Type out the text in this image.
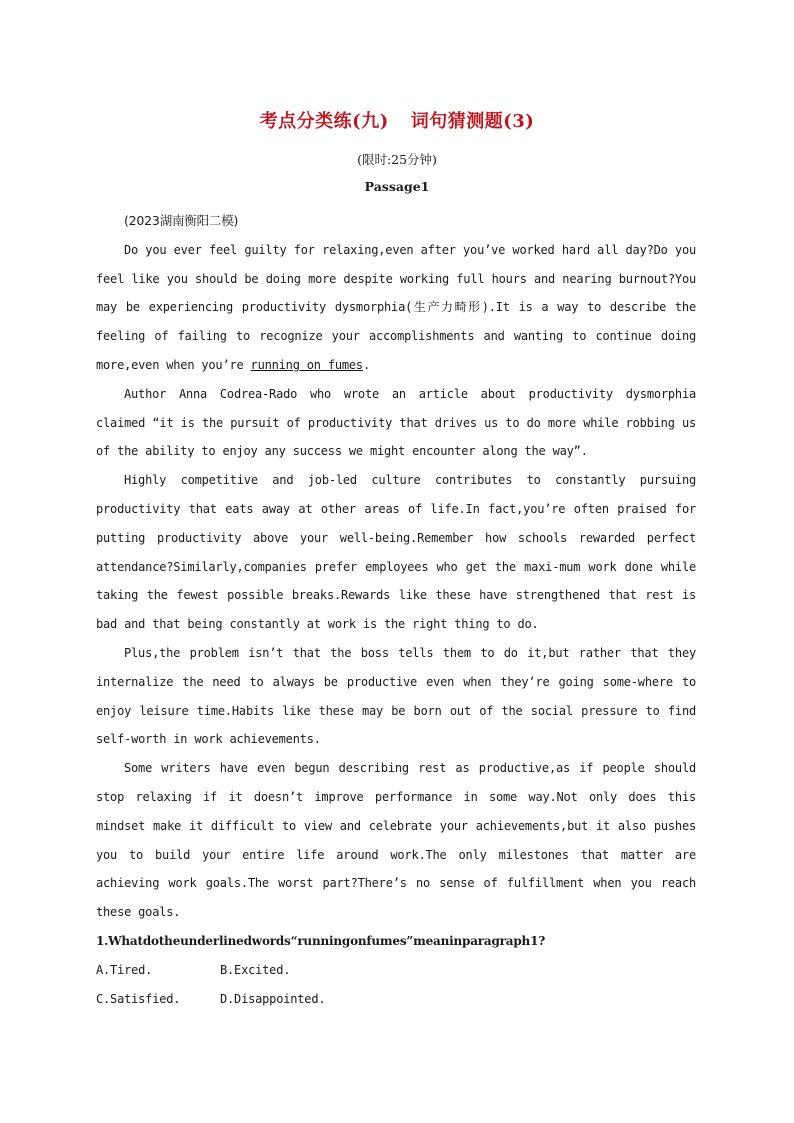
考点分类练(九) 词句猜测题(3)
(限时:25分钟)
Passage1

(2023湖南衡阳二模)

Do you ever feel guilty for relaxing,even after you’ve worked hard all day?Do you feel like you should be doing more despite working full hours and nearing burnout?You may be experiencing productivity dysmorphia(生产力畸形).It is a way to describe the feeling of failing to recognize your accomplishments and wanting to continue doing more,even when you’re running on fumes.

Author Anna Codrea-Rado who wrote an article about productivity dysmorphia claimed “it is the pursuit of productivity that drives us to do more while robbing us of the ability to enjoy any success we might encounter along the way”.

Highly competitive and job-led culture contributes to constantly pursuing productivity that eats away at other areas of life.In fact,you’re often praised for putting productivity above your well-being.Remember how schools rewarded perfect attendance?Similarly,companies prefer employees who get the maxi-mum work done while taking the fewest possible breaks.Rewards like these have strengthened that rest is bad and that being constantly at work is the right thing to do.

Plus,the problem isn’t that the boss tells them to do it,but rather that they internalize the need to always be productive even when they’re going some-where to enjoy leisure time.Habits like these may be born out of the social pressure to find self-worth in work achievements.

Some writers have even begun describing rest as productive,as if people should stop relaxing if it doesn’t improve performance in some way.Not only does this mindset make it difficult to view and celebrate your achievements,but it also pushes you to build your entire life around work.The only milestones that matter are achieving work goals.The worst part?There’s no sense of fulfillment when you reach these goals.

1.Whatdotheunderlinedwords“runningonfumes”meaninparagraph1?

A.Tired.	B.Excited.
C.Satisfied.	D.Disappointed.
